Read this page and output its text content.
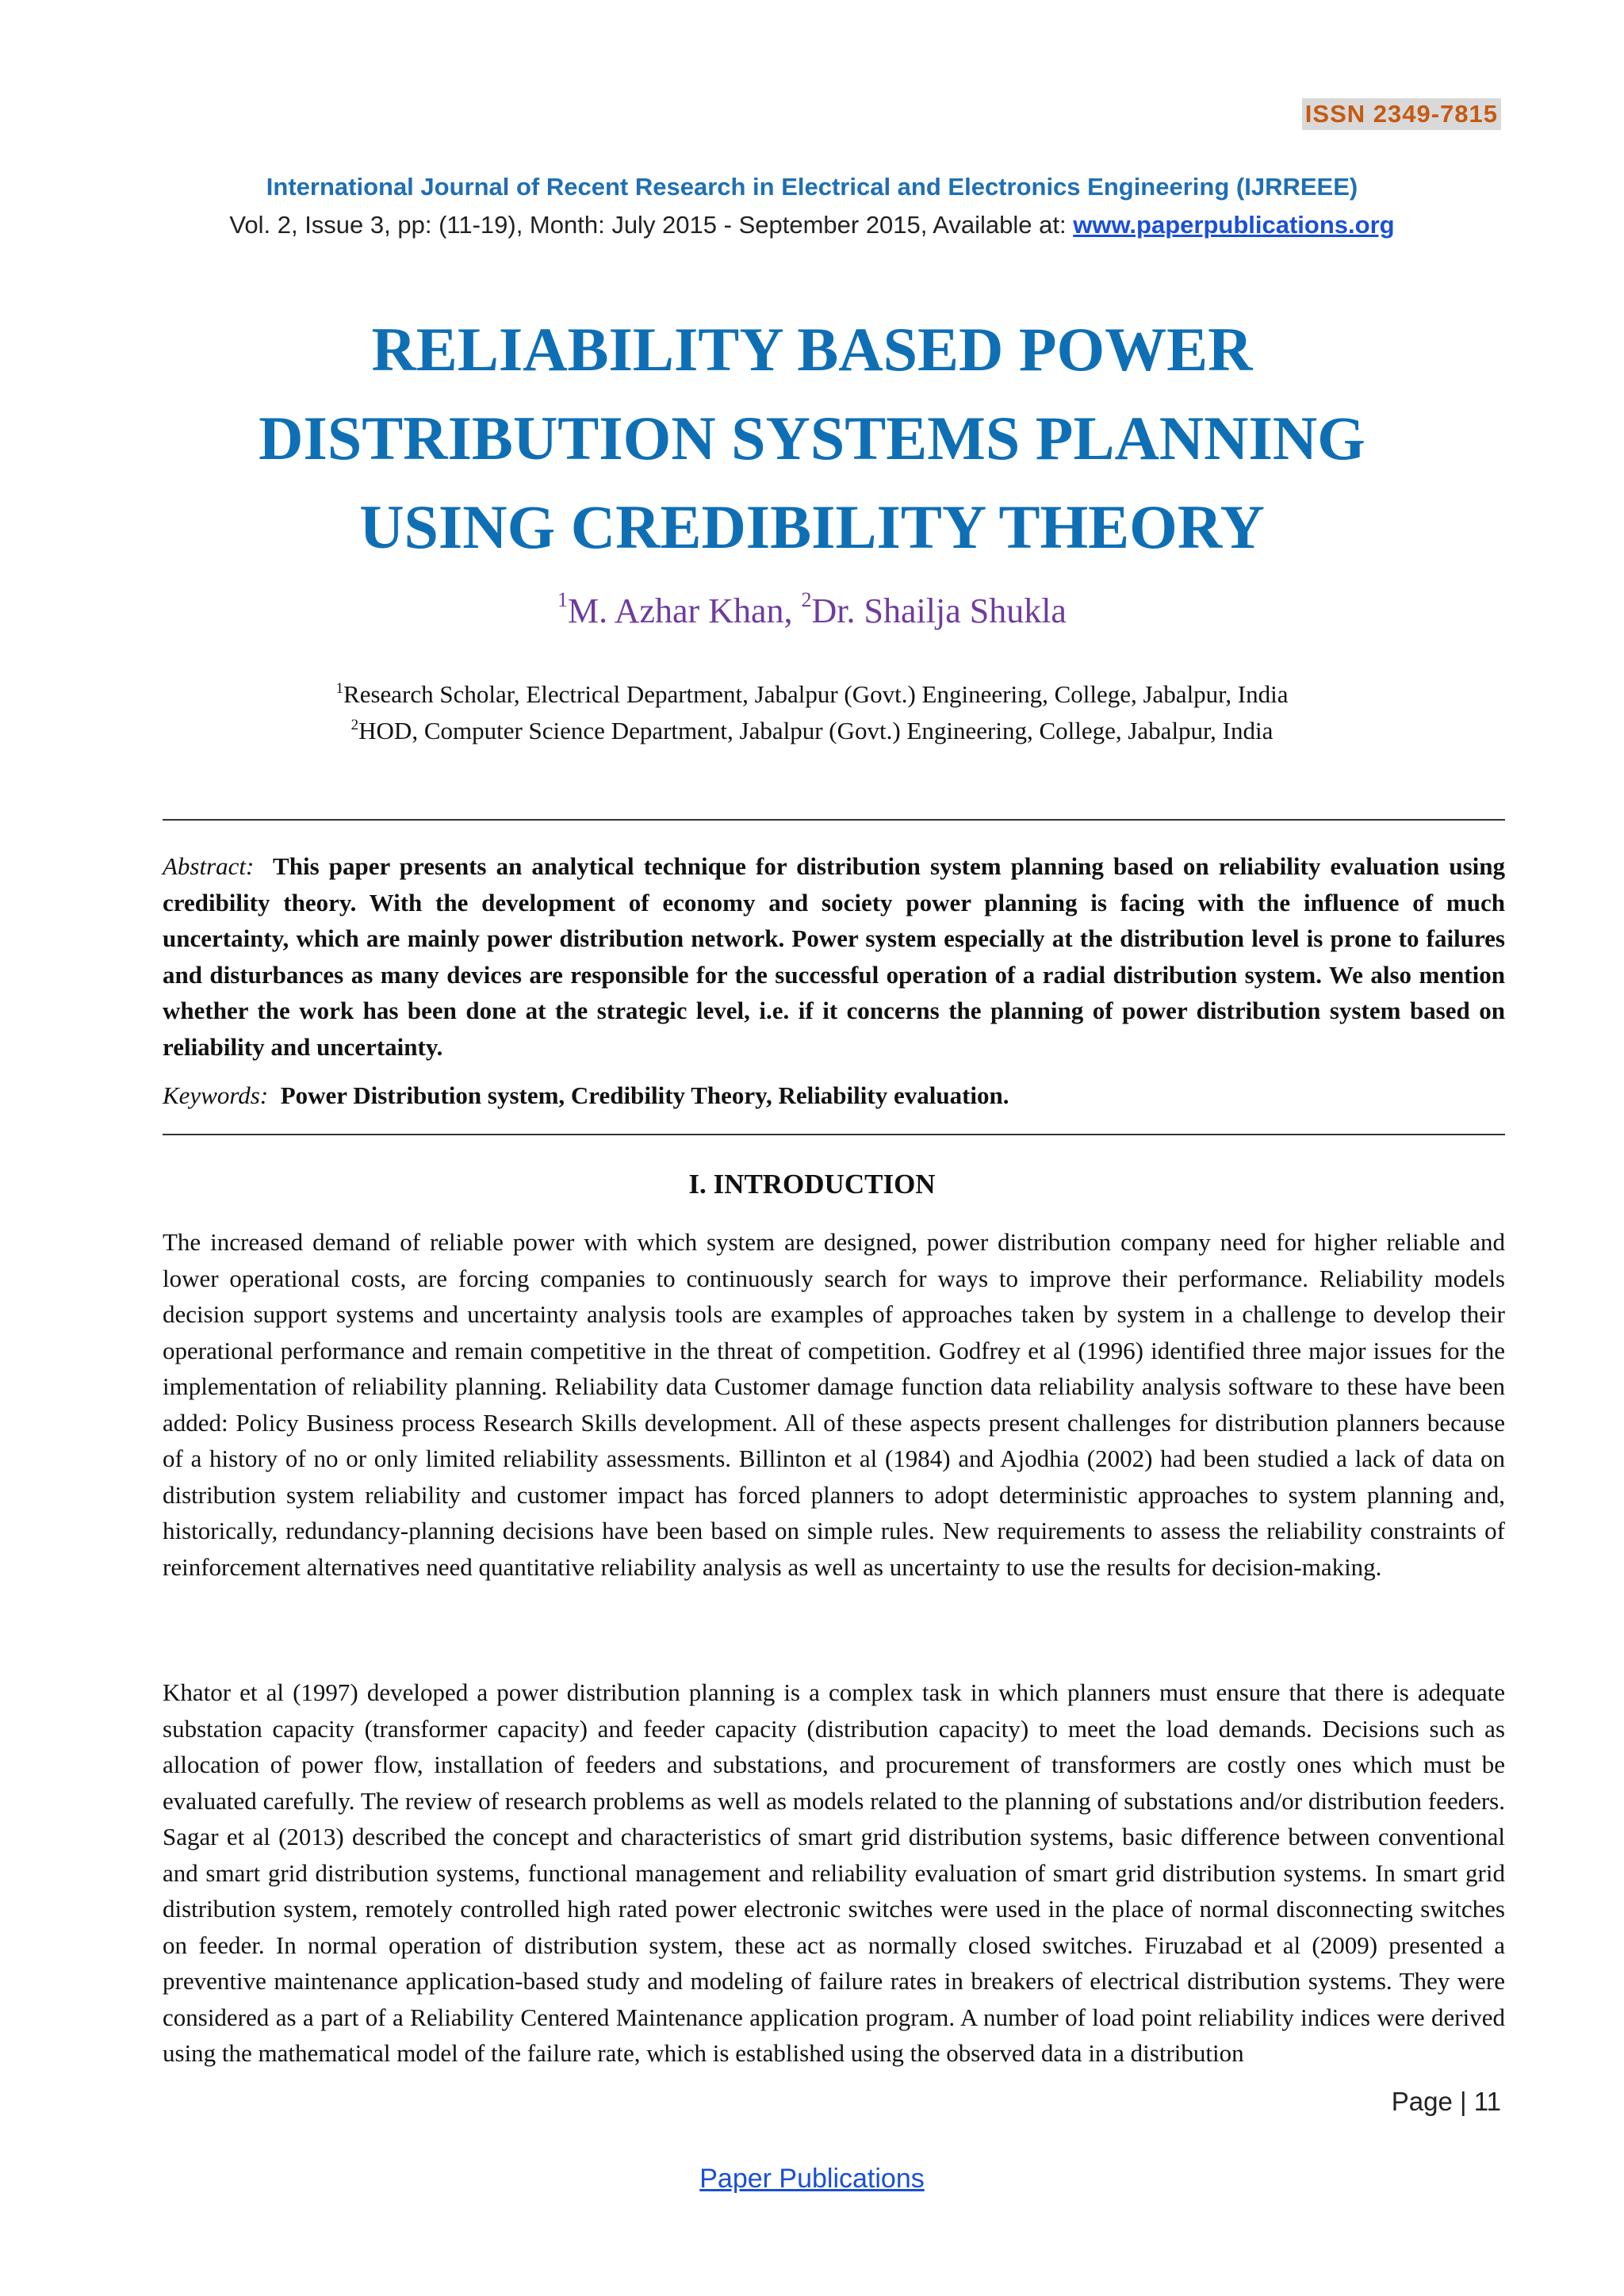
ISSN 2349-7815
International Journal of Recent Research in Electrical and Electronics Engineering (IJRREEE)
Vol. 2, Issue 3, pp: (11-19), Month: July 2015 - September 2015, Available at: www.paperpublications.org
RELIABILITY BASED POWER
DISTRIBUTION SYSTEMS PLANNING
USING CREDIBILITY THEORY
$^1$M. Azhar Khan, $^2$Dr. Shailja Shukla
$^1$Research Scholar, Electrical Department, Jabalpur (Govt.) Engineering, College, Jabalpur, India
$^2$HOD, Computer Science Department, Jabalpur (Govt.) Engineering, College, Jabalpur, India
Abstract: This paper presents an analytical technique for distribution system planning based on reliability evaluation using credibility theory. With the development of economy and society power planning is facing with the influence of much uncertainty, which are mainly power distribution network. Power system especially at the distribution level is prone to failures and disturbances as many devices are responsible for the successful operation of a radial distribution system. We also mention whether the work has been done at the strategic level, i.e. if it concerns the planning of power distribution system based on reliability and uncertainty.
Keywords: Power Distribution system, Credibility Theory, Reliability evaluation.
I. INTRODUCTION
The increased demand of reliable power with which system are designed, power distribution company need for higher reliable and lower operational costs, are forcing companies to continuously search for ways to improve their performance. Reliability models decision support systems and uncertainty analysis tools are examples of approaches taken by system in a challenge to develop their operational performance and remain competitive in the threat of competition. Godfrey et al (1996) identified three major issues for the implementation of reliability planning. Reliability data Customer damage function data reliability analysis software to these have been added: Policy Business process Research Skills development. All of these aspects present challenges for distribution planners because of a history of no or only limited reliability assessments. Billinton et al (1984) and Ajodhia (2002) had been studied a lack of data on distribution system reliability and customer impact has forced planners to adopt deterministic approaches to system planning and, historically, redundancy-planning decisions have been based on simple rules. New requirements to assess the reliability constraints of reinforcement alternatives need quantitative reliability analysis as well as uncertainty to use the results for decision-making.
Khator et al (1997) developed a power distribution planning is a complex task in which planners must ensure that there is adequate substation capacity (transformer capacity) and feeder capacity (distribution capacity) to meet the load demands. Decisions such as allocation of power flow, installation of feeders and substations, and procurement of transformers are costly ones which must be evaluated carefully. The review of research problems as well as models related to the planning of substations and/or distribution feeders. Sagar et al (2013) described the concept and characteristics of smart grid distribution systems, basic difference between conventional and smart grid distribution systems, functional management and reliability evaluation of smart grid distribution systems. In smart grid distribution system, remotely controlled high rated power electronic switches were used in the place of normal disconnecting switches on feeder. In normal operation of distribution system, these act as normally closed switches. Firuzabad et al (2009) presented a preventive maintenance application-based study and modeling of failure rates in breakers of electrical distribution systems. They were considered as a part of a Reliability Centered Maintenance application program. A number of load point reliability indices were derived using the mathematical model of the failure rate, which is established using the observed data in a distribution
Page | 11
Paper Publications
